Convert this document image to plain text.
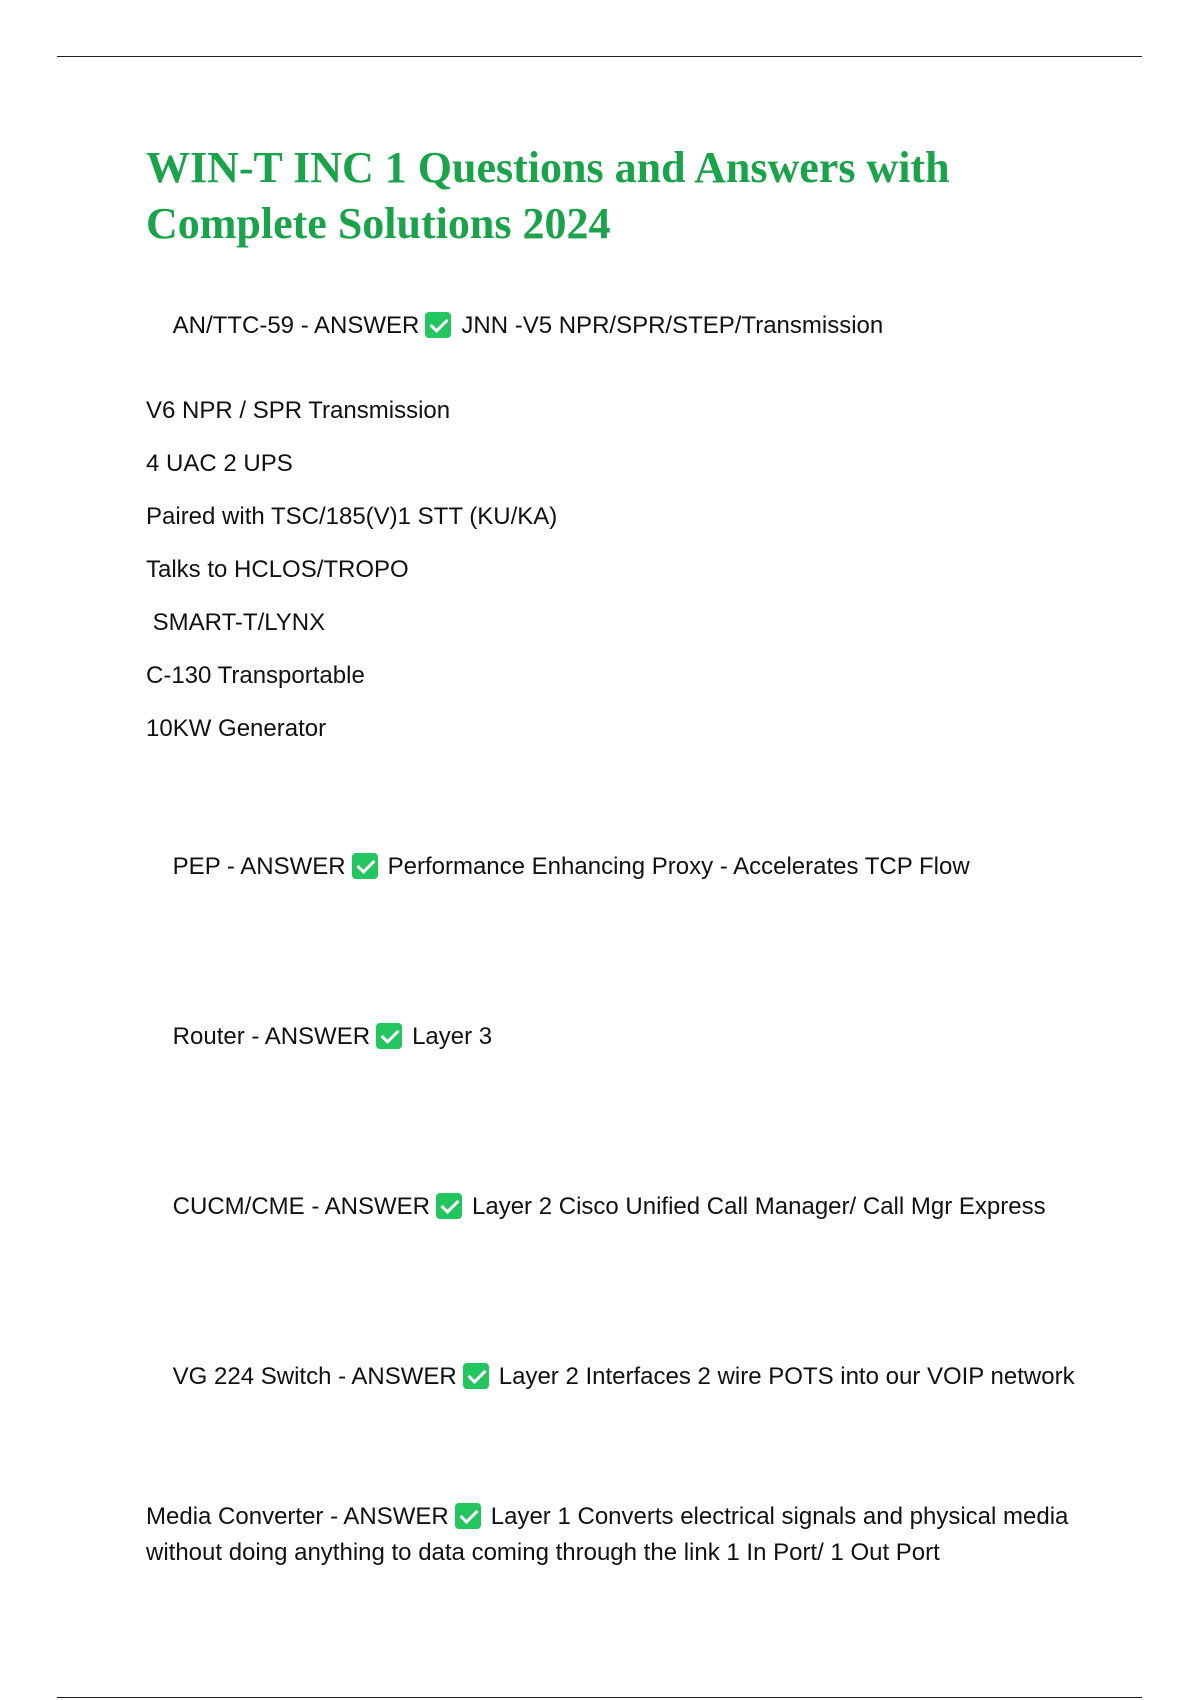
WIN-T INC 1 Questions and Answers with Complete Solutions 2024

AN/TTC-59 - ANSWER JNN -V5 NPR/SPR/STEP/Transmission

V6 NPR / SPR Transmission

4 UAC 2 UPS

Paired with TSC/185(V)1 STT (KU/KA)

Talks to HCLOS/TROPO

SMART-T/LYNX

C-130 Transportable

10KW Generator

PEP - ANSWER Performance Enhancing Proxy - Accelerates TCP Flow

Router - ANSWER Layer 3

CUCM/CME - ANSWER Layer 2 Cisco Unified Call Manager/ Call Mgr Express

VG 224 Switch - ANSWER Layer 2 Interfaces 2 wire POTS into our VOIP network

Media Converter - ANSWER Layer 1 Converts electrical signals and physical media without doing anything to data coming through the link 1 In Port/ 1 Out Port
